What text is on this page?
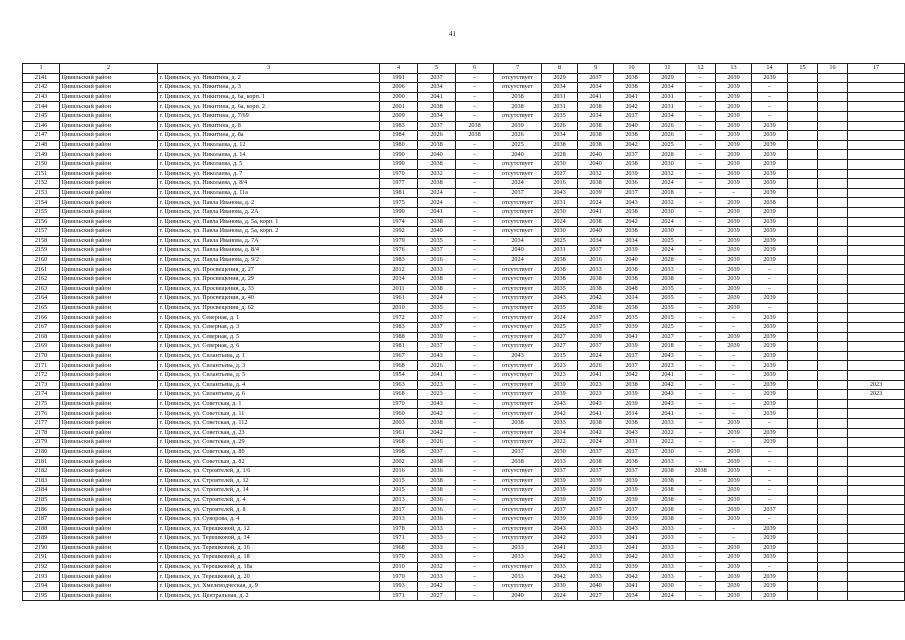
41
1	2	3	4	5	6	7	8	9	10	11	12	13	14	15	16	17
2141	Цивильский район	г. Цивильск, ул. Никитина, д. 2	1991	2037	–	отсутствует	2029	2037	2038	2029	–	2039	2039			
2142	Цивильский район	г. Цивильск, ул. Никитина, д. 3	2006	2034	–	отсутствует	2034	2034	2038	2034	–	2039	–			
2143	Цивильский район	г. Цивильск, ул. Никитина, д. 6а, корп. 1	2000	2041	–	2038	2031	2041	2041	2031	–	2039	–			
2144	Цивильский район	г. Цивильск, ул. Никитина, д. 6а, корп. 2	2001	2038	–	2038	2031	2038	2042	2031	–	2039	–			
2145	Цивильский район	г. Цивильск, ул. Никитина, д. 7/69	2009	2034	–	отсутствует	2035	2034	2037	2034	–	2039	–			
2146	Цивильский район	г. Цивильск, ул. Никитина, д. 8	1983	2037	2038	2039	2026	2038	2040	2026	–	2039	2039			
2147	Цивильский район	г. Цивильск, ул. Никитина, д. 8а	1984	2026	2038	2026	2034	2038	2038	2026	–	2039	2039			
2148	Цивильский район	г. Цивильск, ул. Николаева, д. 12	1980	2038	–	2025	2038	2038	2042	2025	–	2039	2039			
2149	Цивильский район	г. Цивильск, ул. Николаева, д. 14	1990	2040	–	2040	2028	2040	2037	2028	–	2039	2039			
2150	Цивильский район	г. Цивильск, ул. Николаева, д. 5	1990	2038	–	отсутствует	2030	2040	2038	2030	–	2039	2039			
2151	Цивильский район	г. Цивильск, ул. Николаева, д. 7	1970	2032	–	отсутствует	2027	2032	2039	2032	–	2039	2039			
2152	Цивильский район	г. Цивильск, ул. Николаева, д. 8/4	1977	2038	–	2024	2016	2038	2036	2024	–	2039	2039			
2153	Цивильский район	г. Цивильск, ул. Николаева, д. 11а	1981	2024	–	2037	2043	2039	2037	2018	–	–	2039			
2154	Цивильский район	г. Цивильск, ул. Павла Иванова, д. 2	1975	2024	–	отсутствует	2031	2024	2043	2032	–	2039	2038			
2155	Цивильский район	г. Цивильск, ул. Павла Иванова, д. 2А	1990	2041	–	отсутствует	2030	2041	2038	2030	–	2039	2039			
2156	Цивильский район	г. Цивильск, ул. Павла Иванова, д. 5а, корп. 1	1974	2038	–	отсутствует	2024	2038	2042	2024	–	2039	2039			
2157	Цивильский район	г. Цивильск, ул. Павла Иванова, д. 5а, корп. 2	1992	2040	–	отсутствует	2030	2040	2038	2030	–	2039	2039			
2158	Цивильский район	г. Цивильск, ул. Павла Иванова, д. 7А	1979	2035	–	2034	2025	2034	2034	2025	–	2039	2039			
2159	Цивильский район	г. Цивильск, ул. Павла Иванова, д. 8/4	1976	2037	–	2040	2031	2037	2039	2024	–	2039	2039			
2160	Цивильский район	г. Цивильск, ул. Павла Иванова, д. 9/2	1983	2016	–	2024	2038	2016	2040	2028	–	2039	2039			
2161	Цивильский район	г. Цивильск, ул. Просвещения, д. 27	2012	2033	–	отсутствует	2038	2033	2038	2033	–	2039	–			
2162	Цивильский район	г. Цивильск, ул. Просвещения, д. 29	2014	2038	–	отсутствует	2038	2038	2038	2038	–	2039	–			
2163	Цивильский район	г. Цивильск, ул. Просвещения, д. 33	2011	2038	–	отсутствует	2035	2038	2048	2035	–	2039	–			
2164	Цивильский район	г. Цивильск, ул. Просвещения, д. 40	1961	2024	–	отсутствует	2043	2042	2014	2035	–	2039	2039			
2165	Цивильский район	г. Цивильск, ул. Просвещения, д. 62	2010	2035	–	отсутствует	2035	2038	2038	2035	–	2039	–			
2166	Цивильский район	г. Цивильск, ул. Северная, д. 1	1972	2037	–	отсутствует	2024	2037	2035	2015	–	–	2039			
2167	Цивильский район	г. Цивильск, ул. Северная, д. 3	1983	2037	–	отсутствует	2025	2037	2039	2025	–	–	2039			
2168	Цивильский район	г. Цивильск, ул. Северная, д. 5	1988	2039	–	отсутствует	2027	2039	2041	2027	–	2039	2039			
2169	Цивильский район	г. Цивильск, ул. Северная, д. 6	1981	2037	–	отсутствует	2027	2037	2039	2018	–	2039	2039			
2170	Цивильский район	г. Цивильск, ул. Силантьева, д. 1	1967	2043	–	2043	2015	2024	2037	2043	–	–	2039			
2171	Цивильский район	г. Цивильск, ул. Силантьева, д. 3	1968	2026	–	отсутствует	2023	2026	2037	2023	–	–	2039			
2172	Цивильский район	г. Цивильск, ул. Силантьева, д. 5	1954	2041	–	отсутствует	2023	2041	2042	2041	–	–	2039			
2173	Цивильский район	г. Цивильск, ул. Силантьева, д. 4	1963	2023	–	отсутствует	2039	2023	2038	2042	–	–	2039			2023
2174	Цивильский район	г. Цивильск, ул. Силантьева, д. 6	1968	2023	–	отсутствует	2039	2023	2039	2043	–	–	2039			2023
2175	Цивильский район	г. Цивильск, ул. Советская, д. 1	1970	2043	–	отсутствует	2043	2043	2039	2043	–	–	2039			
2176	Цивильский район	г. Цивильск, ул. Советская, д. 11	1960	2042	–	отсутствует	2042	2041	2014	2041	–	–	2039			
2177	Цивильский район	г. Цивильск, ул. Советская, д. 112	2003	2038	–	2038	2033	2038	2038	2033	–	2039	–			
2178	Цивильский район	г. Цивильск, ул. Советская, д. 23	1961	2042	–	отсутствует	2014	2042	2043	2022	–	2039	2039			
2179	Цивильский район	г. Цивильск, ул. Советская, д. 29	1968	2026	–	отсутствует	2022	2024	2031	2022	–	–	2039			
2180	Цивильский район	г. Цивильск, ул. Советская, д. 80	1998	2037	–	2037	2030	2037	2037	2030	–	2039	–			
2181	Цивильский район	г. Цивильск, ул. Советская, д. 82	2002	2038	–	2038	2033	2038	2038	2033	–	2039	–			
2182	Цивильский район	г. Цивильск, ул. Строителей, д. 1/6	2016	2036	–	отсутствует	2037	2037	2037	2038	2038	2039	–			
2183	Цивильский район	г. Цивильск, ул. Строителей, д. 12	2015	2038	–	отсутствует	2039	2039	2039	2038	–	2039	–			
2184	Цивильский район	г. Цивильск, ул. Строителей, д. 14	2015	2038	–	отсутствует	2039	2039	2039	2038	–	2039	–			
2185	Цивильский район	г. Цивильск, ул. Строителей, д. 4	2013	2036	–	отсутствует	2039	2039	2039	2038	–	2039	–			
2186	Цивильский район	г. Цивильск, ул. Строителей, д. 8	2017	2036	–	отсутствует	2037	2037	2037	2038	–	2039	2037			
2187	Цивильский район	г. Цивильск, ул. Суворова, д. 4	2013	2036	–	отсутствует	2039	2039	2039	2038	–	2039	–			
2188	Цивильский район	г. Цивильск, ул. Терешковой, д. 12	1978	2033	–	отсутствует	2043	2033	2043	2033	–	–	2039			
2189	Цивильский район	г. Цивильск, ул. Терешковой, д. 14	1971	2033	–	отсутствует	2042	2033	2041	2033	–	–	2039			
2190	Цивильский район	г. Цивильск, ул. Терешковой, д. 16	1968	2033	–	2033	2041	2033	2041	2033	–	2039	2039			
2191	Цивильский район	г. Цивильск, ул. Терешковой, д. 18	1970	2033	–	2033	2042	2033	2042	2033	–	2039	2039			
2192	Цивильский район	г. Цивильск, ул. Терешковой, д. 18а	2010	2032	–	отсутствует	2033	2032	2039	2033	–	2039	–			
2193	Цивильский район	г. Цивильск, ул. Терешковой, д. 20	1970	2033	–	2033	2042	2033	2042	2033	–	2039	2039			
2194	Цивильский район	г. Цивильск, ул. Хмелеводческая, д. 9	1993	2042	–	отсутствует	2030	2040	2041	2030	–	2039	2039			
2195	Цивильский район	г. Цивильск, ул. Центральная, д. 2	1971	2027	–	2040	2024	2027	2034	2024	–	2039	2039			
